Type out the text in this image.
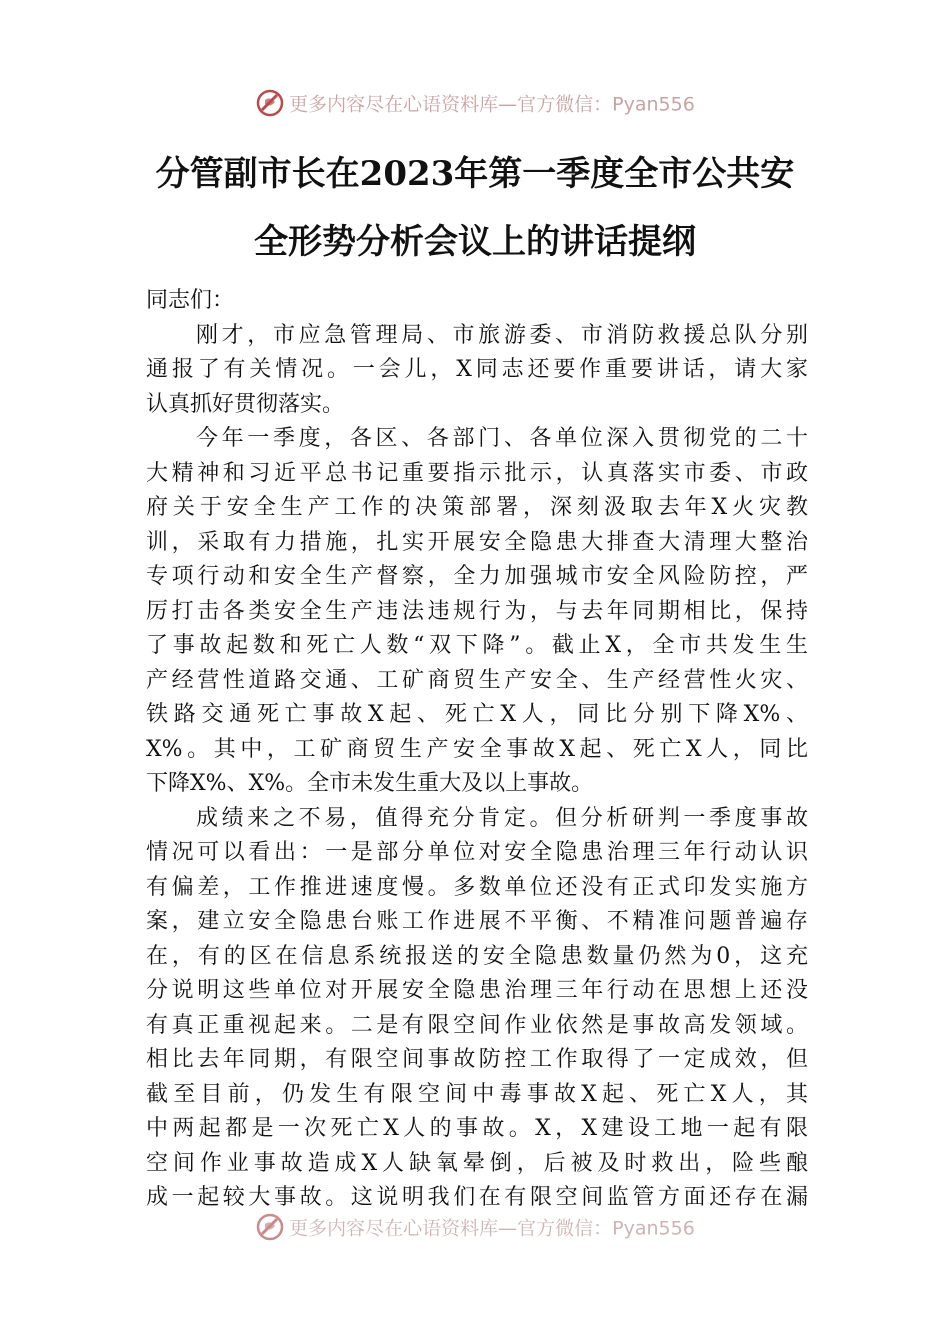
更多内容尽在心语资料库—官方微信：Pyan556
分管副市长在2023年第一季度全市公共安
全形势分析会议上的讲话提纲
同志们：
刚才，市应急管理局、市旅游委、市消防救援总队分别
通报了有关情况。一会儿，X同志还要作重要讲话，请大家
认真抓好贯彻落实。
今年一季度，各区、各部门、各单位深入贯彻党的二十
大精神和习近平总书记重要指示批示，认真落实市委、市政
府关于安全生产工作的决策部署，深刻汲取去年X火灾教
训，采取有力措施，扎实开展安全隐患大排查大清理大整治
专项行动和安全生产督察，全力加强城市安全风险防控，严
厉打击各类安全生产违法违规行为，与去年同期相比，保持
了事故起数和死亡人数“双下降”。截止X，全市共发生生
产经营性道路交通、工矿商贸生产安全、生产经营性火灾、
铁路交通死亡事故X起、死亡X人，同比分别下降X%、
X%。其中，工矿商贸生产安全事故X起、死亡X人，同比
下降X%、X%。全市未发生重大及以上事故。
成绩来之不易，值得充分肯定。但分析研判一季度事故
情况可以看出：一是部分单位对安全隐患治理三年行动认识
有偏差，工作推进速度慢。多数单位还没有正式印发实施方
案，建立安全隐患台账工作进展不平衡、不精准问题普遍存
在，有的区在信息系统报送的安全隐患数量仍然为0，这充
分说明这些单位对开展安全隐患治理三年行动在思想上还没
有真正重视起来。二是有限空间作业依然是事故高发领域。
相比去年同期，有限空间事故防控工作取得了一定成效，但
截至目前，仍发生有限空间中毒事故X起、死亡X人，其
中两起都是一次死亡X人的事故。X，X建设工地一起有限
空间作业事故造成X人缺氧晕倒，后被及时救出，险些酿
成一起较大事故。这说明我们在有限空间监管方面还存在漏
更多内容尽在心语资料库—官方微信：Pyan556
